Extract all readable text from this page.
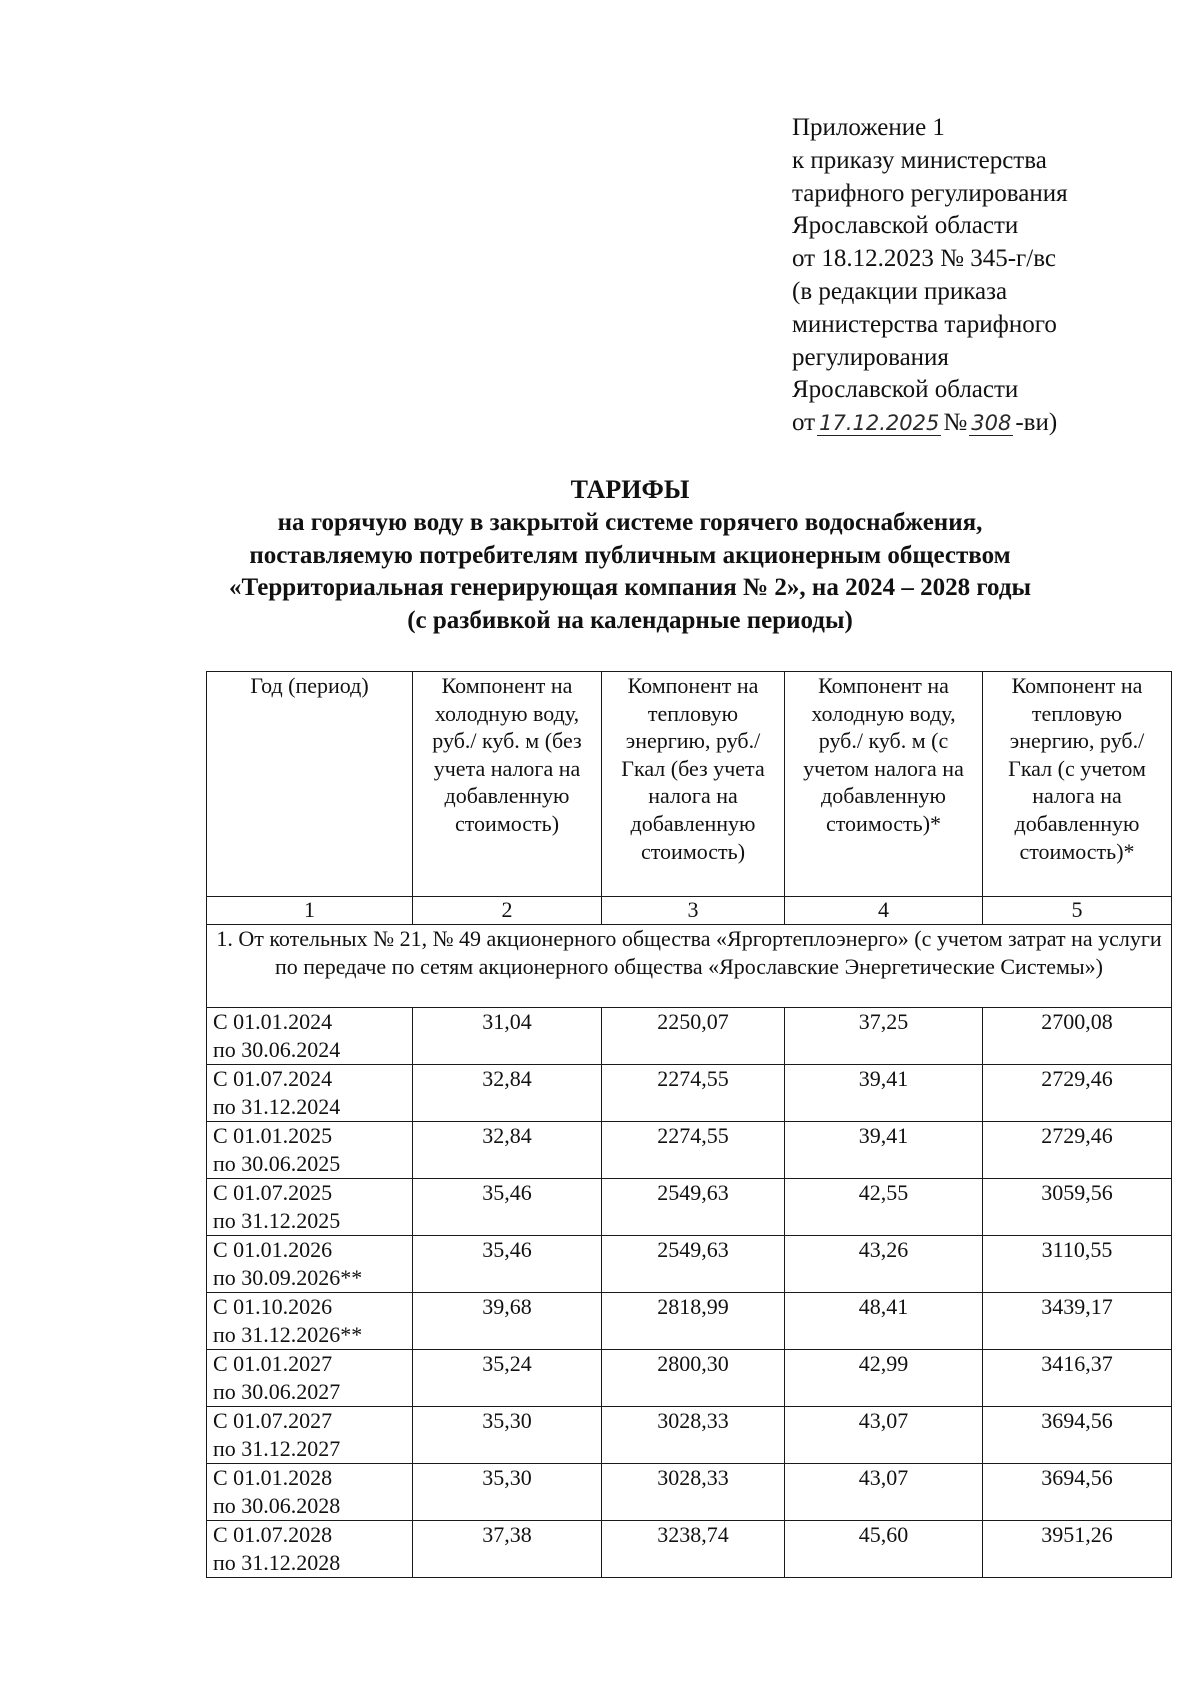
Приложение 1
к приказу министерства
тарифного регулирования
Ярославской области
от 18.12.2023 № 345-г/вс
(в редакции приказа
министерства тарифного
регулирования
Ярославской области
от 17.12.2025 № 308 -ви)
ТАРИФЫ
на горячую воду в закрытой системе горячего водоснабжения,
поставляемую потребителям публичным акционерным обществом
«Территориальная генерирующая компания № 2», на 2024 – 2028 годы
(с разбивкой на календарные периоды)
Год (период)	Компонент на холодную воду, руб./ куб. м (без учета налога на добавленную стоимость)	Компонент на тепловую энергию, руб./Гкал (без учета налога на добавленную стоимость)	Компонент на холодную воду, руб./ куб. м (с учетом налога на добавленную стоимость)*	Компонент на тепловую энергию, руб./Гкал (с учетом налога на добавленную стоимость)*
1	2	3	4	5
1. От котельных № 21, № 49 акционерного общества «Яргортеплоэнерго» (с учетом затрат на услуги по передаче по сетям акционерного общества «Ярославские Энергетические Системы»)				

С 01.01.2024
по 30.06.2024	31,04	2250,07	37,25	2700,08

С 01.07.2024
по 31.12.2024	32,84	2274,55	39,41	2729,46

С 01.01.2025
по 30.06.2025	32,84	2274,55	39,41	2729,46

С 01.07.2025
по 31.12.2025	35,46	2549,63	42,55	3059,56

С 01.01.2026
по 30.09.2026**	35,46	2549,63	43,26	3110,55

С 01.10.2026
по 31.12.2026**	39,68	2818,99	48,41	3439,17

С 01.01.2027
по 30.06.2027	35,24	2800,30	42,99	3416,37

С 01.07.2027
по 31.12.2027	35,30	3028,33	43,07	3694,56

С 01.01.2028
по 30.06.2028	35,30	3028,33	43,07	3694,56

С 01.07.2028
по 31.12.2028	37,38	3238,74	45,60	3951,26
